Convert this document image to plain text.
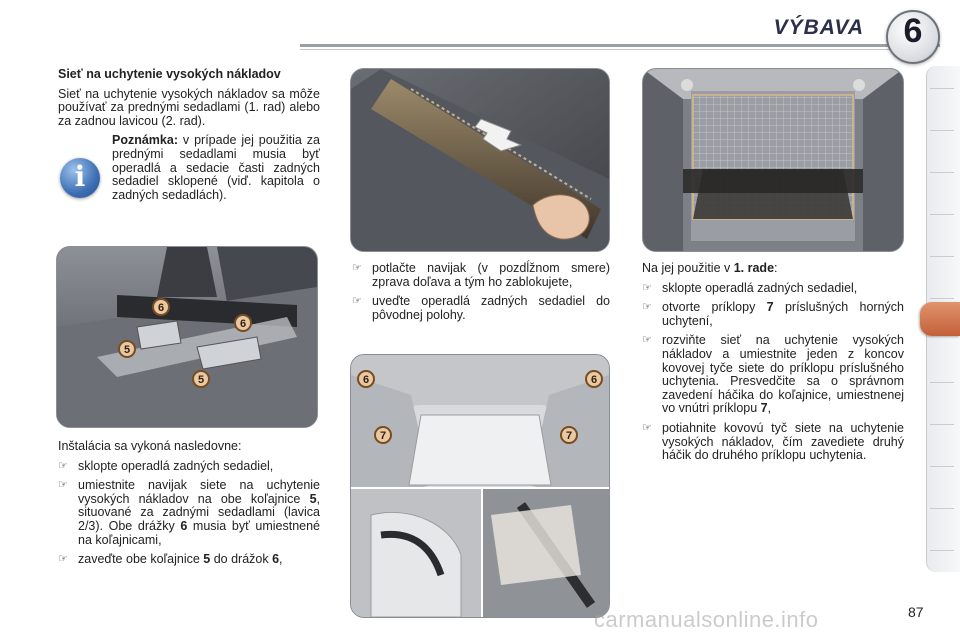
VÝBAVA	6
Sieť na uchytenie vysokých nákladov

Sieť na uchytenie vysokých nákladov sa môže používať za prednými sedadlami (1. rad) alebo za zadnou lavicou (2. rad).

Poznámka: v prípade jej použitia za prednými sedadlami musia byť operadlá a sedacie časti zadných sedadiel sklopené (viď. kapitola o zadných sedadlách).

i
6
6
5
5

Inštalácia sa vykoná nasledovne:

☞ sklopte operadlá zadných sedadiel,
☞ umiestnite navijak siete na uchytenie vysokých nákladov na obe koľajnice 5, situované za zadnými sedadlami (lavica 2/3). Obe drážky 6 musia byť umiestnené na koľajnicami,
☞ zaveďte obe koľajnice 5 do drážok 6,
☞ potlačte navijak (v pozdĺžnom smere) zprava doľava a tým ho zablokujete,
☞ uveďte operadlá zadných sedadiel do pôvodnej polohy.
6	6
7	7

Na jej použitie v 1. rade:

☞ sklopte operadlá zadných sedadiel,
☞ otvorte príklopy 7 príslušných horných uchytení,
☞ rozviňte sieť na uchytenie vysokých nákladov a umiestnite jeden z koncov kovovej tyče siete do príklopu príslušného uchytenia. Presvedčite sa o správnom zavedení háčika do koľajnice, umiestnenej vo vnútri príklopu 7,
☞ potiahnite kovovú tyč siete na uchytenie vysokých nákladov, čím zavediete druhý háčik do druhého príklopu uchytenia.
carmanualsonline.info	87
